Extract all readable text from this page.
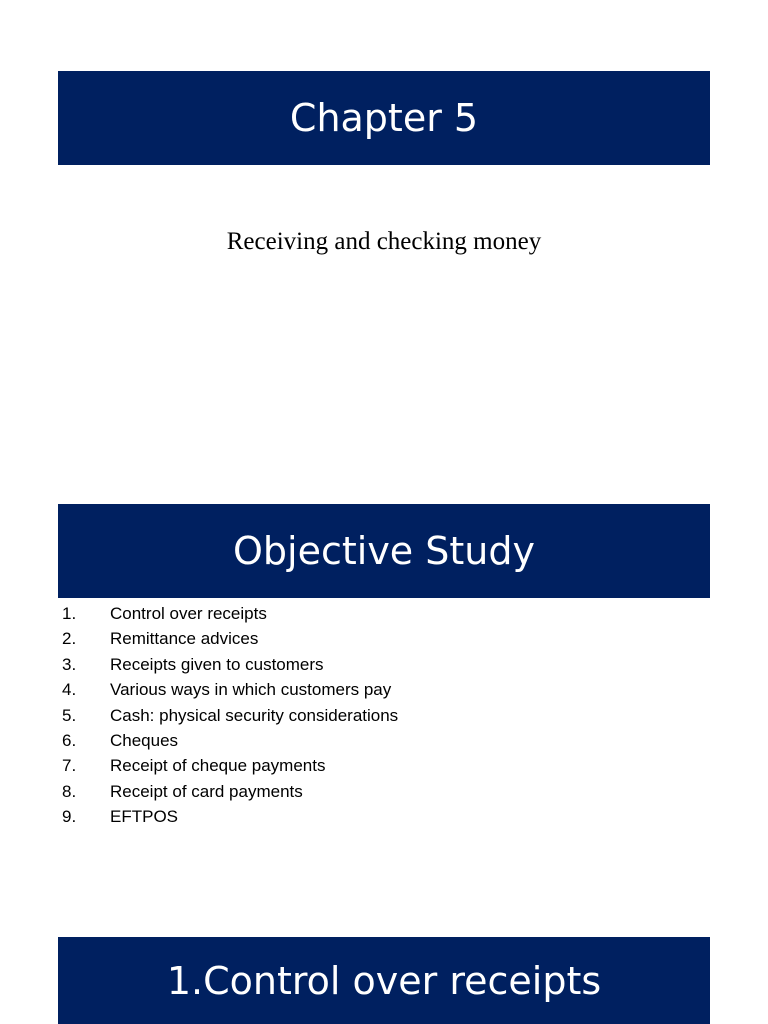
Chapter 5
Receiving and checking money
Objective Study
1.	Control over receipts
2.	Remittance advices
3.	Receipts given to customers
4.	Various ways in which customers pay
5.	Cash: physical security considerations
6.	Cheques
7.	Receipt of cheque payments
8.	Receipt of card payments
9.	EFTPOS
1.Control over receipts
